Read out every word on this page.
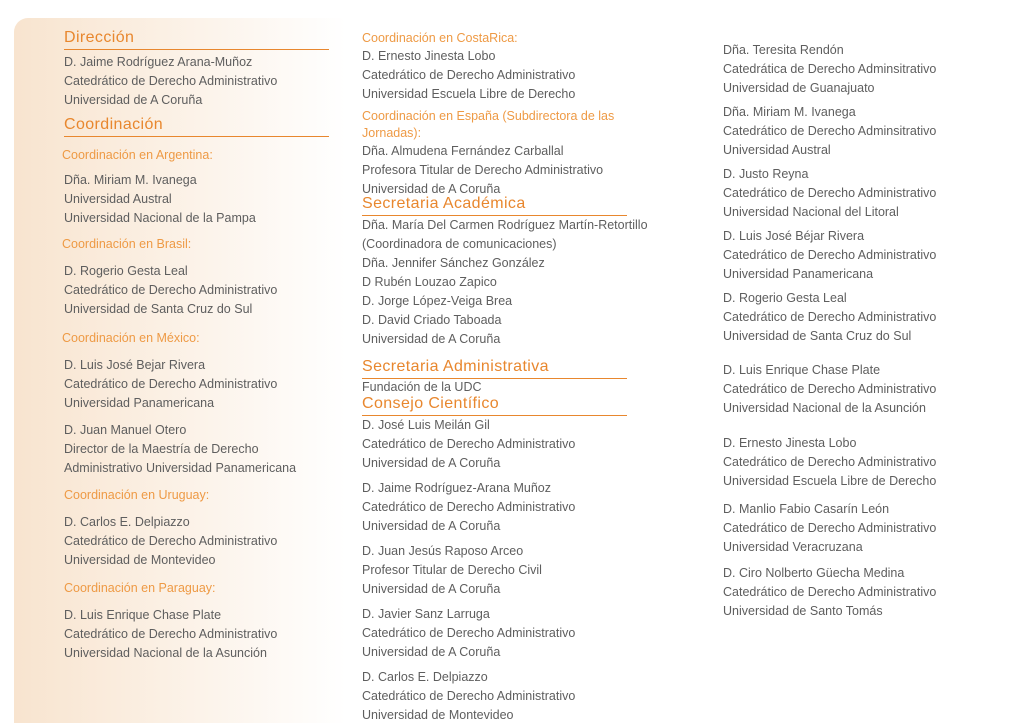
Dirección
D. Jaime Rodríguez Arana-Muñoz
Catedrático de Derecho Administrativo
Universidad de A Coruña
Coordinación
Coordinación en Argentina:
Dña. Miriam M. Ivanega
Universidad Austral
Universidad Nacional de la Pampa
Coordinación en Brasil:
D. Rogerio Gesta Leal
Catedrático de Derecho Administrativo
Universidad de Santa Cruz do Sul
Coordinación en México:
D. Luis José Bejar Rivera
Catedrático de Derecho Administrativo
Universidad Panamericana
D. Juan Manuel Otero
Director de la Maestría de Derecho
Administrativo Universidad Panamericana
Coordinación en Uruguay:
D. Carlos E. Delpiazzo
Catedrático de Derecho Administrativo
Universidad de Montevideo
Coordinación en Paraguay:
D. Luis Enrique Chase Plate
Catedrático de Derecho Administrativo
Universidad Nacional de la Asunción
Coordinación en CostaRica:
D. Ernesto Jinesta Lobo
Catedrático de Derecho Administrativo
Universidad Escuela Libre de Derecho
Coordinación en España (Subdirectora de las Jornadas):
Dña. Almudena Fernández Carballal
Profesora Titular de Derecho Administrativo
Universidad de A Coruña
Secretaria Académica
Dña. María Del Carmen Rodríguez Martín-Retortillo
(Coordinadora de comunicaciones)
Dña. Jennifer Sánchez González
D Rubén Louzao Zapico
D. Jorge López-Veiga Brea
D. David Criado Taboada
Universidad de A Coruña
Secretaria Administrativa
Fundación de la UDC
Consejo Científico
D. José Luis Meilán Gil
Catedrático de Derecho Administrativo
Universidad de A Coruña
D. Jaime Rodríguez-Arana Muñoz
Catedrático de Derecho Administrativo
Universidad de A Coruña
D. Juan Jesús Raposo Arceo
Profesor Titular de Derecho Civil
Universidad de A Coruña
D. Javier Sanz Larruga
Catedrático de Derecho Administrativo
Universidad de A Coruña
D. Carlos E. Delpiazzo
Catedrático de Derecho Administrativo
Universidad de Montevideo
Dña. Teresita Rendón
Catedrática de Derecho Adminsitrativo
Universidad de Guanajuato
Dña. Miriam M. Ivanega
Catedrático de Derecho Adminsitrativo
Universidad Austral
D. Justo Reyna
Catedrático de Derecho Administrativo
Universidad Nacional del Litoral
D. Luis José Béjar Rivera
Catedrático de Derecho Administrativo
Universidad Panamericana
D. Rogerio Gesta Leal
Catedrático de Derecho Administrativo
Universidad de Santa Cruz do Sul
D. Luis Enrique Chase Plate
Catedrático de Derecho Administrativo
Universidad Nacional de la Asunción
D. Ernesto Jinesta Lobo
Catedrático de Derecho Administrativo
Universidad Escuela Libre de Derecho
D. Manlio Fabio Casarín León
Catedrático de Derecho Administrativo
Universidad Veracruzana
D. Ciro Nolberto Güecha Medina
Catedrático de Derecho Administrativo
Universidad de Santo Tomás
